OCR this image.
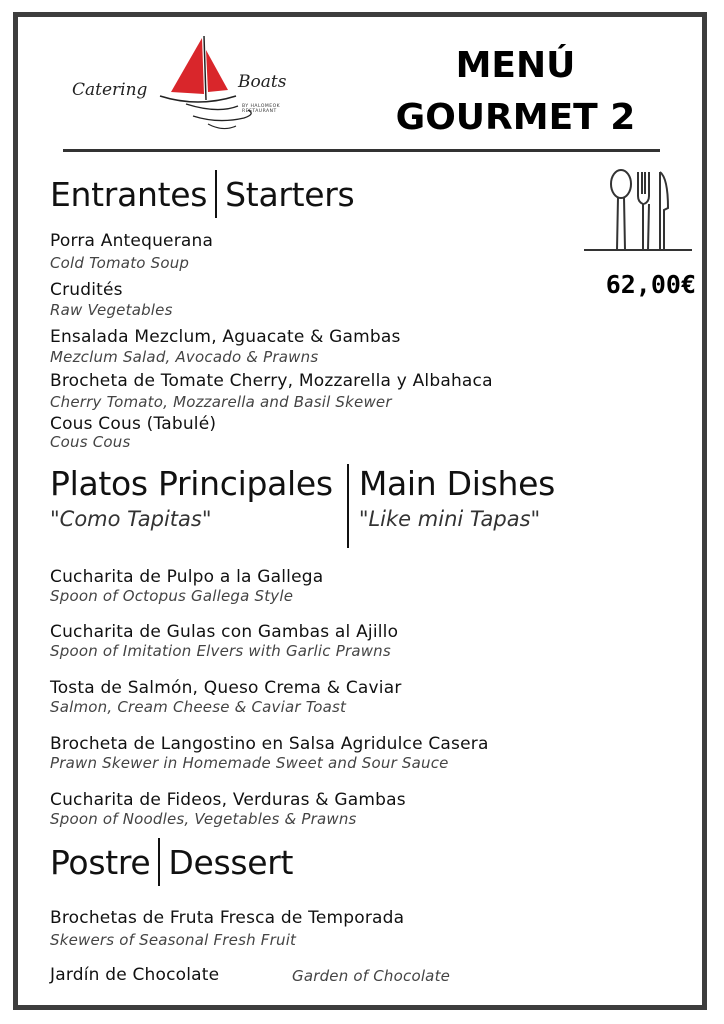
Catering	Boats
BY HALOMEOK RESTAURANT
MENÚ
GOURMET 2
62,00€
Entrantes Starters
Porra Antequerana
Cold Tomato Soup
Crudités
Raw Vegetables
Ensalada Mezclum, Aguacate & Gambas
Mezclum Salad, Avocado & Prawns
Brocheta de Tomate Cherry, Mozzarella y Albahaca
Cherry Tomato, Mozzarella and Basil Skewer
Cous Cous (Tabulé)
Cous Cous
Platos Principales
"Como Tapitas"
Main Dishes
"Like mini Tapas"
Cucharita de Pulpo a la Gallega
Spoon of Octopus Gallega Style
Cucharita de Gulas con Gambas al Ajillo
Spoon of Imitation Elvers with Garlic Prawns
Tosta de Salmón, Queso Crema & Caviar
Salmon, Cream Cheese & Caviar Toast
Brocheta de Langostino en Salsa Agridulce Casera
Prawn Skewer in Homemade Sweet and Sour Sauce
Cucharita de Fideos, Verduras & Gambas
Spoon of Noodles, Vegetables & Prawns
Postre Dessert
Brochetas de Fruta Fresca de Temporada
Skewers of Seasonal Fresh Fruit
Jardín de Chocolate	Garden of Chocolate
